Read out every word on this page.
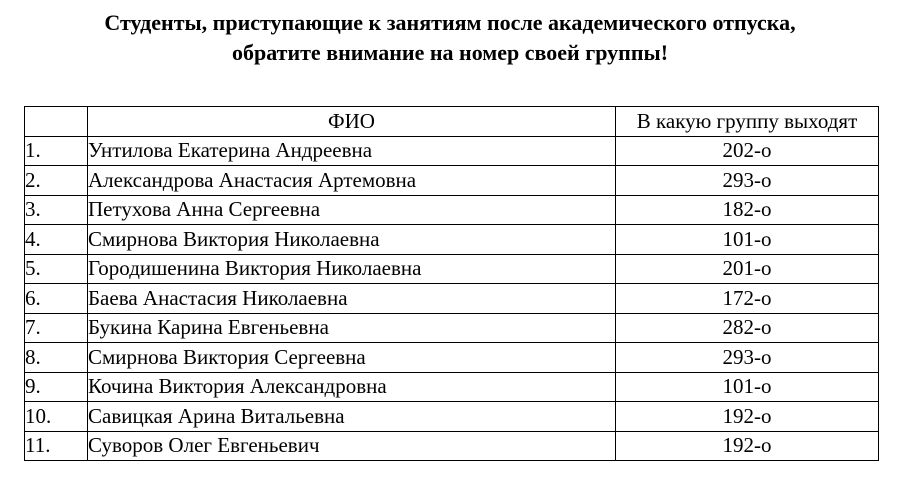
Студенты, приступающие к занятиям после академического отпуска,
обратите внимание на номер своей группы!
	ФИО	В какую группу выходят
1.	Унтилова Екатерина Андреевна	202-о
2.	Александрова Анастасия Артемовна	293-о
3.	Петухова Анна Сергеевна	182-о
4.	Смирнова Виктория Николаевна	101-о
5.	Городишенина Виктория Николаевна	201-о
6.	Баева Анастасия Николаевна	172-о
7.	Букина Карина Евгеньевна	282-о
8.	Смирнова Виктория Сергеевна	293-о
9.	Кочина Виктория Александровна	101-о
10.	Савицкая Арина Витальевна	192-о
11.	Суворов Олег Евгеньевич	192-о
